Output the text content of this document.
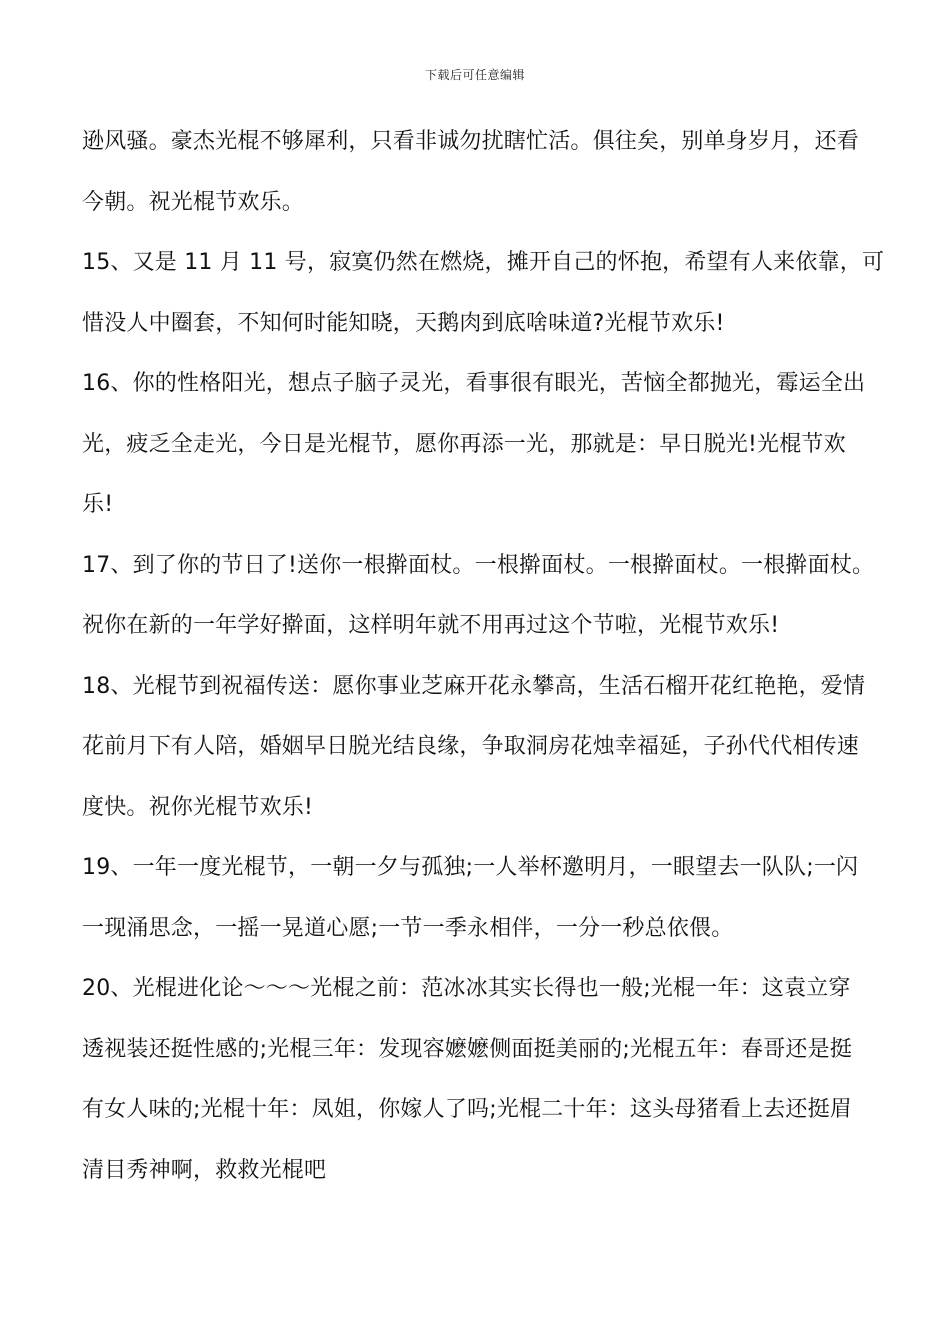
下载后可任意编辑
逊风骚。豪杰光棍不够犀利，只看非诚勿扰瞎忙活。俱往矣，别单身岁月，还看
今朝。祝光棍节欢乐。
15、又是 11 月 11 号，寂寞仍然在燃烧，摊开自己的怀抱，希望有人来依靠，可
惜没人中圈套，不知何时能知晓，天鹅肉到底啥味道?光棍节欢乐!
16、你的性格阳光，想点子脑子灵光，看事很有眼光，苦恼全都抛光，霉运全出
光，疲乏全走光，今日是光棍节，愿你再添一光，那就是：早日脱光!光棍节欢
乐!
17、到了你的节日了!送你一根擀面杖。一根擀面杖。一根擀面杖。一根擀面杖。
祝你在新的一年学好擀面，这样明年就不用再过这个节啦，光棍节欢乐!
18、光棍节到祝福传送：愿你事业芝麻开花永攀高，生活石榴开花红艳艳，爱情
花前月下有人陪，婚姻早日脱光结良缘，争取洞房花烛幸福延，子孙代代相传速
度快。祝你光棍节欢乐!
19、一年一度光棍节，一朝一夕与孤独;一人举杯邀明月，一眼望去一队队;一闪
一现涌思念，一摇一晃道心愿;一节一季永相伴，一分一秒总依偎。
20、光棍进化论～～～光棍之前：范冰冰其实长得也一般;光棍一年：这袁立穿
透视装还挺性感的;光棍三年：发现容嬷嬷侧面挺美丽的;光棍五年：春哥还是挺
有女人味的;光棍十年：凤姐，你嫁人了吗;光棍二十年：这头母猪看上去还挺眉
清目秀神啊，救救光棍吧
